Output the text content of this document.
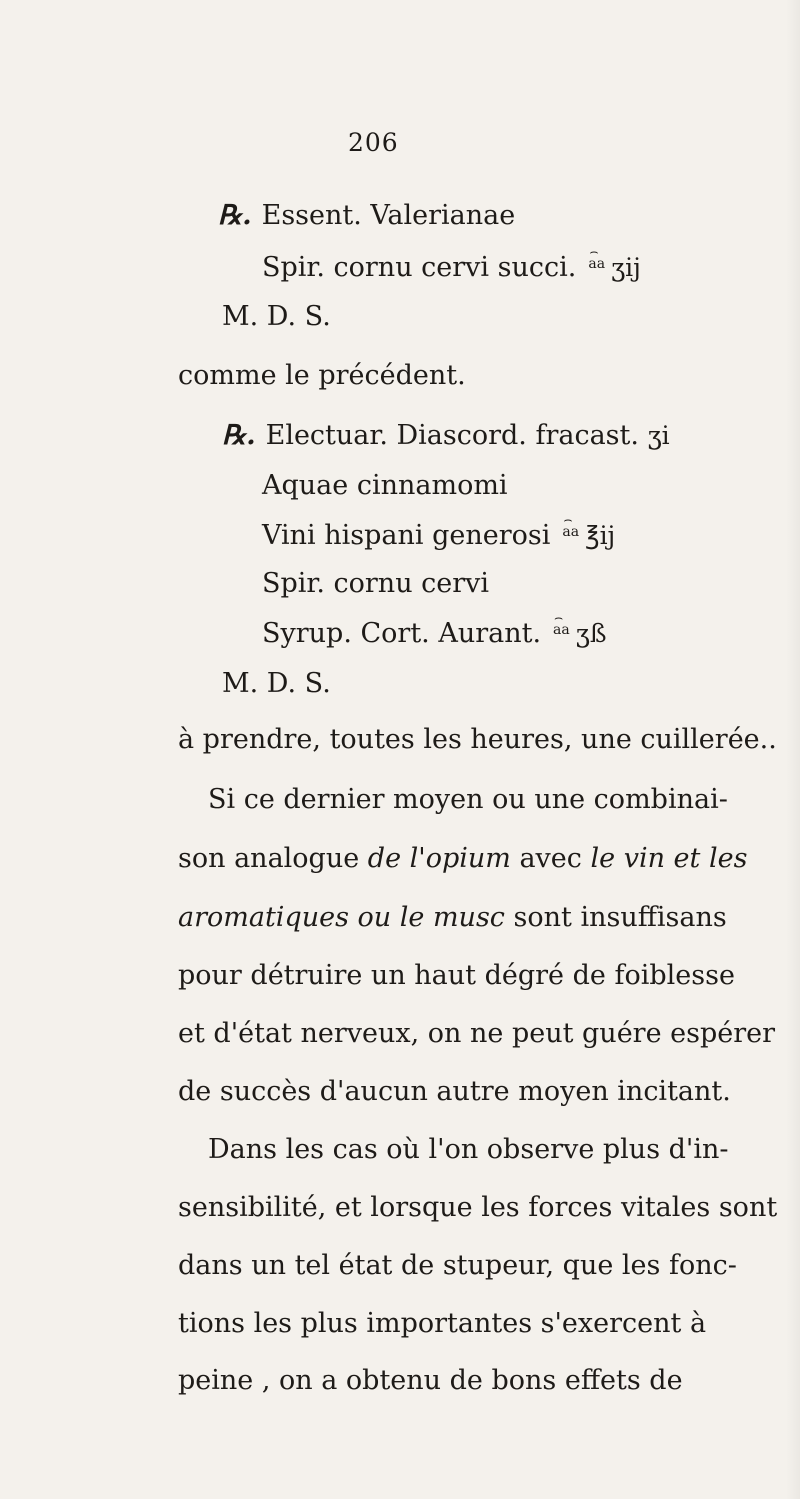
206
℞. Essent. Valerianae
Spir. cornu cervi succi. ⌢ aa ʒij
M. D. S.
comme le précédent.
℞. Electuar. Diascord. fracast. ʒi
Aquae cinnamomi
Vini hispani generosi ⌢ aa ℥ij
Spir. cornu cervi
Syrup. Cort. Aurant. ⌢ aa ʒß
M. D. S.
à prendre, toutes les heures, une cuillerée..
Si ce dernier moyen ou une combinai-
son analogue de l'opium avec le vin et les
aromatiques ou le musc sont insuffisans
pour détruire un haut dégré de foiblesse
et d'état nerveux, on ne peut guére espérer
de succès d'aucun autre moyen incitant.
Dans les cas où l'on observe plus d'in-
sensibilité, et lorsque les forces vitales sont
dans un tel état de stupeur, que les fonc-
tions les plus importantes s'exercent à
peine , on a obtenu de bons effets de
